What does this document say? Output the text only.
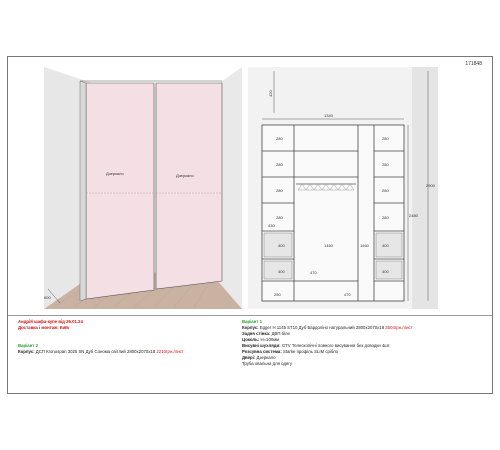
171848
Дзеркало	Дзеркало
600
420
1340
280
280
280
280
400
400
430
1460
470
1460
280
280
280
280
400
400
470
250
2480
2900
Андрій шафа-купе від 26.01.24
Доставка і монтаж: Київ
Варіант 2
Корпус: ДСП Кronospan 3025 SN Дуб Сонома світлий 2800x2070x18 2210грн./лист
Варіант 1
Корпус: Egger H 1145 ST10 Дуб Бардоліно натуральний 2800x2070x18 3504грн./лист
Задня стінка: ДВП біле
Цоколь: H=100мм
Висувні шухляди: GTV Телескопічні повного висування без доводки 4шт.
Розсувна система: Starke профіль SLIM срібло
Двері: Дзеркало
Труба овальна для одягу
